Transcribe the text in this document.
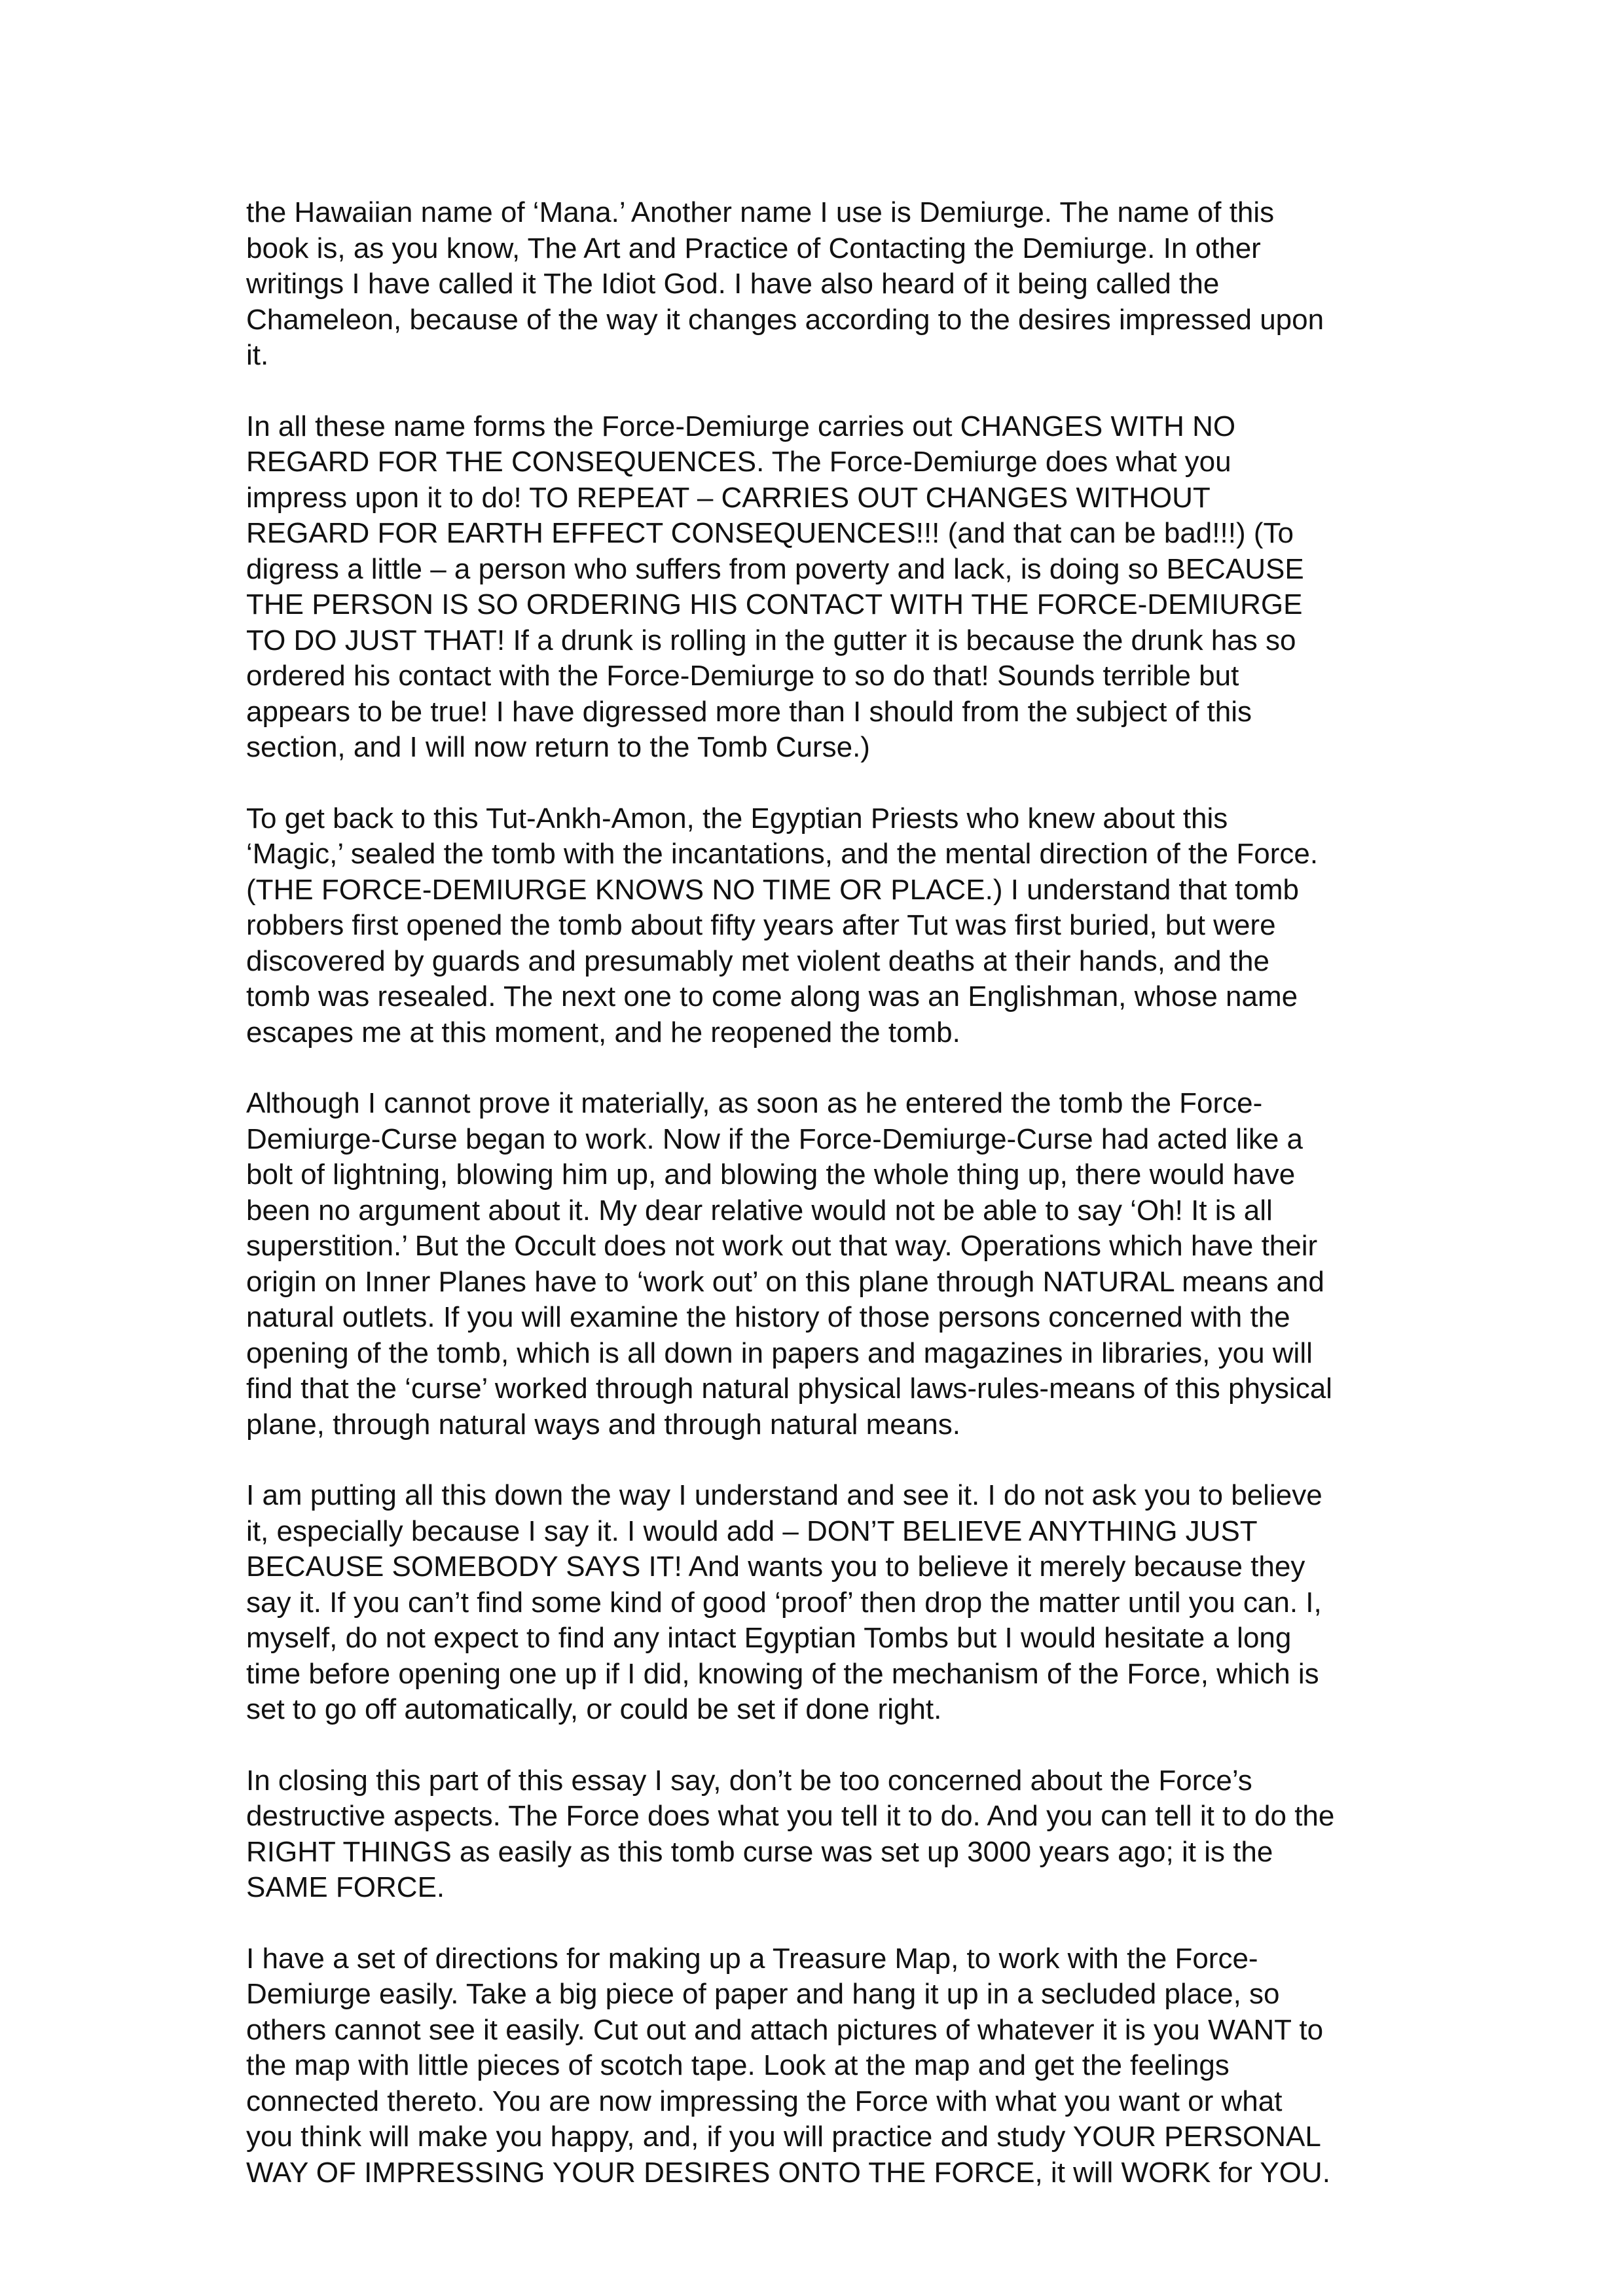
the Hawaiian name of ‘Mana.’ Another name I use is Demiurge. The name of this
book is, as you know, The Art and Practice of Contacting the Demiurge. In other
writings I have called it The Idiot God. I have also heard of it being called the
Chameleon, because of the way it changes according to the desires impressed upon
it.

In all these name forms the Force-Demiurge carries out CHANGES WITH NO
REGARD FOR THE CONSEQUENCES. The Force-Demiurge does what you
impress upon it to do! TO REPEAT – CARRIES OUT CHANGES WITHOUT
REGARD FOR EARTH EFFECT CONSEQUENCES!!! (and that can be bad!!!) (To
digress a little – a person who suffers from poverty and lack, is doing so BECAUSE
THE PERSON IS SO ORDERING HIS CONTACT WITH THE FORCE-DEMIURGE
TO DO JUST THAT! If a drunk is rolling in the gutter it is because the drunk has so
ordered his contact with the Force-Demiurge to so do that! Sounds terrible but
appears to be true! I have digressed more than I should from the subject of this
section, and I will now return to the Tomb Curse.)

To get back to this Tut-Ankh-Amon, the Egyptian Priests who knew about this
‘Magic,’ sealed the tomb with the incantations, and the mental direction of the Force.
(THE FORCE-DEMIURGE KNOWS NO TIME OR PLACE.) I understand that tomb
robbers first opened the tomb about fifty years after Tut was first buried, but were
discovered by guards and presumably met violent deaths at their hands, and the
tomb was resealed. The next one to come along was an Englishman, whose name
escapes me at this moment, and he reopened the tomb.

Although I cannot prove it materially, as soon as he entered the tomb the Force-
Demiurge-Curse began to work. Now if the Force-Demiurge-Curse had acted like a
bolt of lightning, blowing him up, and blowing the whole thing up, there would have
been no argument about it. My dear relative would not be able to say ‘Oh! It is all
superstition.’ But the Occult does not work out that way. Operations which have their
origin on Inner Planes have to ‘work out’ on this plane through NATURAL means and
natural outlets. If you will examine the history of those persons concerned with the
opening of the tomb, which is all down in papers and magazines in libraries, you will
find that the ‘curse’ worked through natural physical laws-rules-means of this physical
plane, through natural ways and through natural means.

I am putting all this down the way I understand and see it. I do not ask you to believe
it, especially because I say it. I would add – DON’T BELIEVE ANYTHING JUST
BECAUSE SOMEBODY SAYS IT! And wants you to believe it merely because they
say it. If you can’t find some kind of good ‘proof’ then drop the matter until you can. I,
myself, do not expect to find any intact Egyptian Tombs but I would hesitate a long
time before opening one up if I did, knowing of the mechanism of the Force, which is
set to go off automatically, or could be set if done right.

In closing this part of this essay I say, don’t be too concerned about the Force’s
destructive aspects. The Force does what you tell it to do. And you can tell it to do the
RIGHT THINGS as easily as this tomb curse was set up 3000 years ago; it is the
SAME FORCE.

I have a set of directions for making up a Treasure Map, to work with the Force-
Demiurge easily. Take a big piece of paper and hang it up in a secluded place, so
others cannot see it easily. Cut out and attach pictures of whatever it is you WANT to
the map with little pieces of scotch tape. Look at the map and get the feelings
connected thereto. You are now impressing the Force with what you want or what
you think will make you happy, and, if you will practice and study YOUR PERSONAL
WAY OF IMPRESSING YOUR DESIRES ONTO THE FORCE, it will WORK for YOU.
